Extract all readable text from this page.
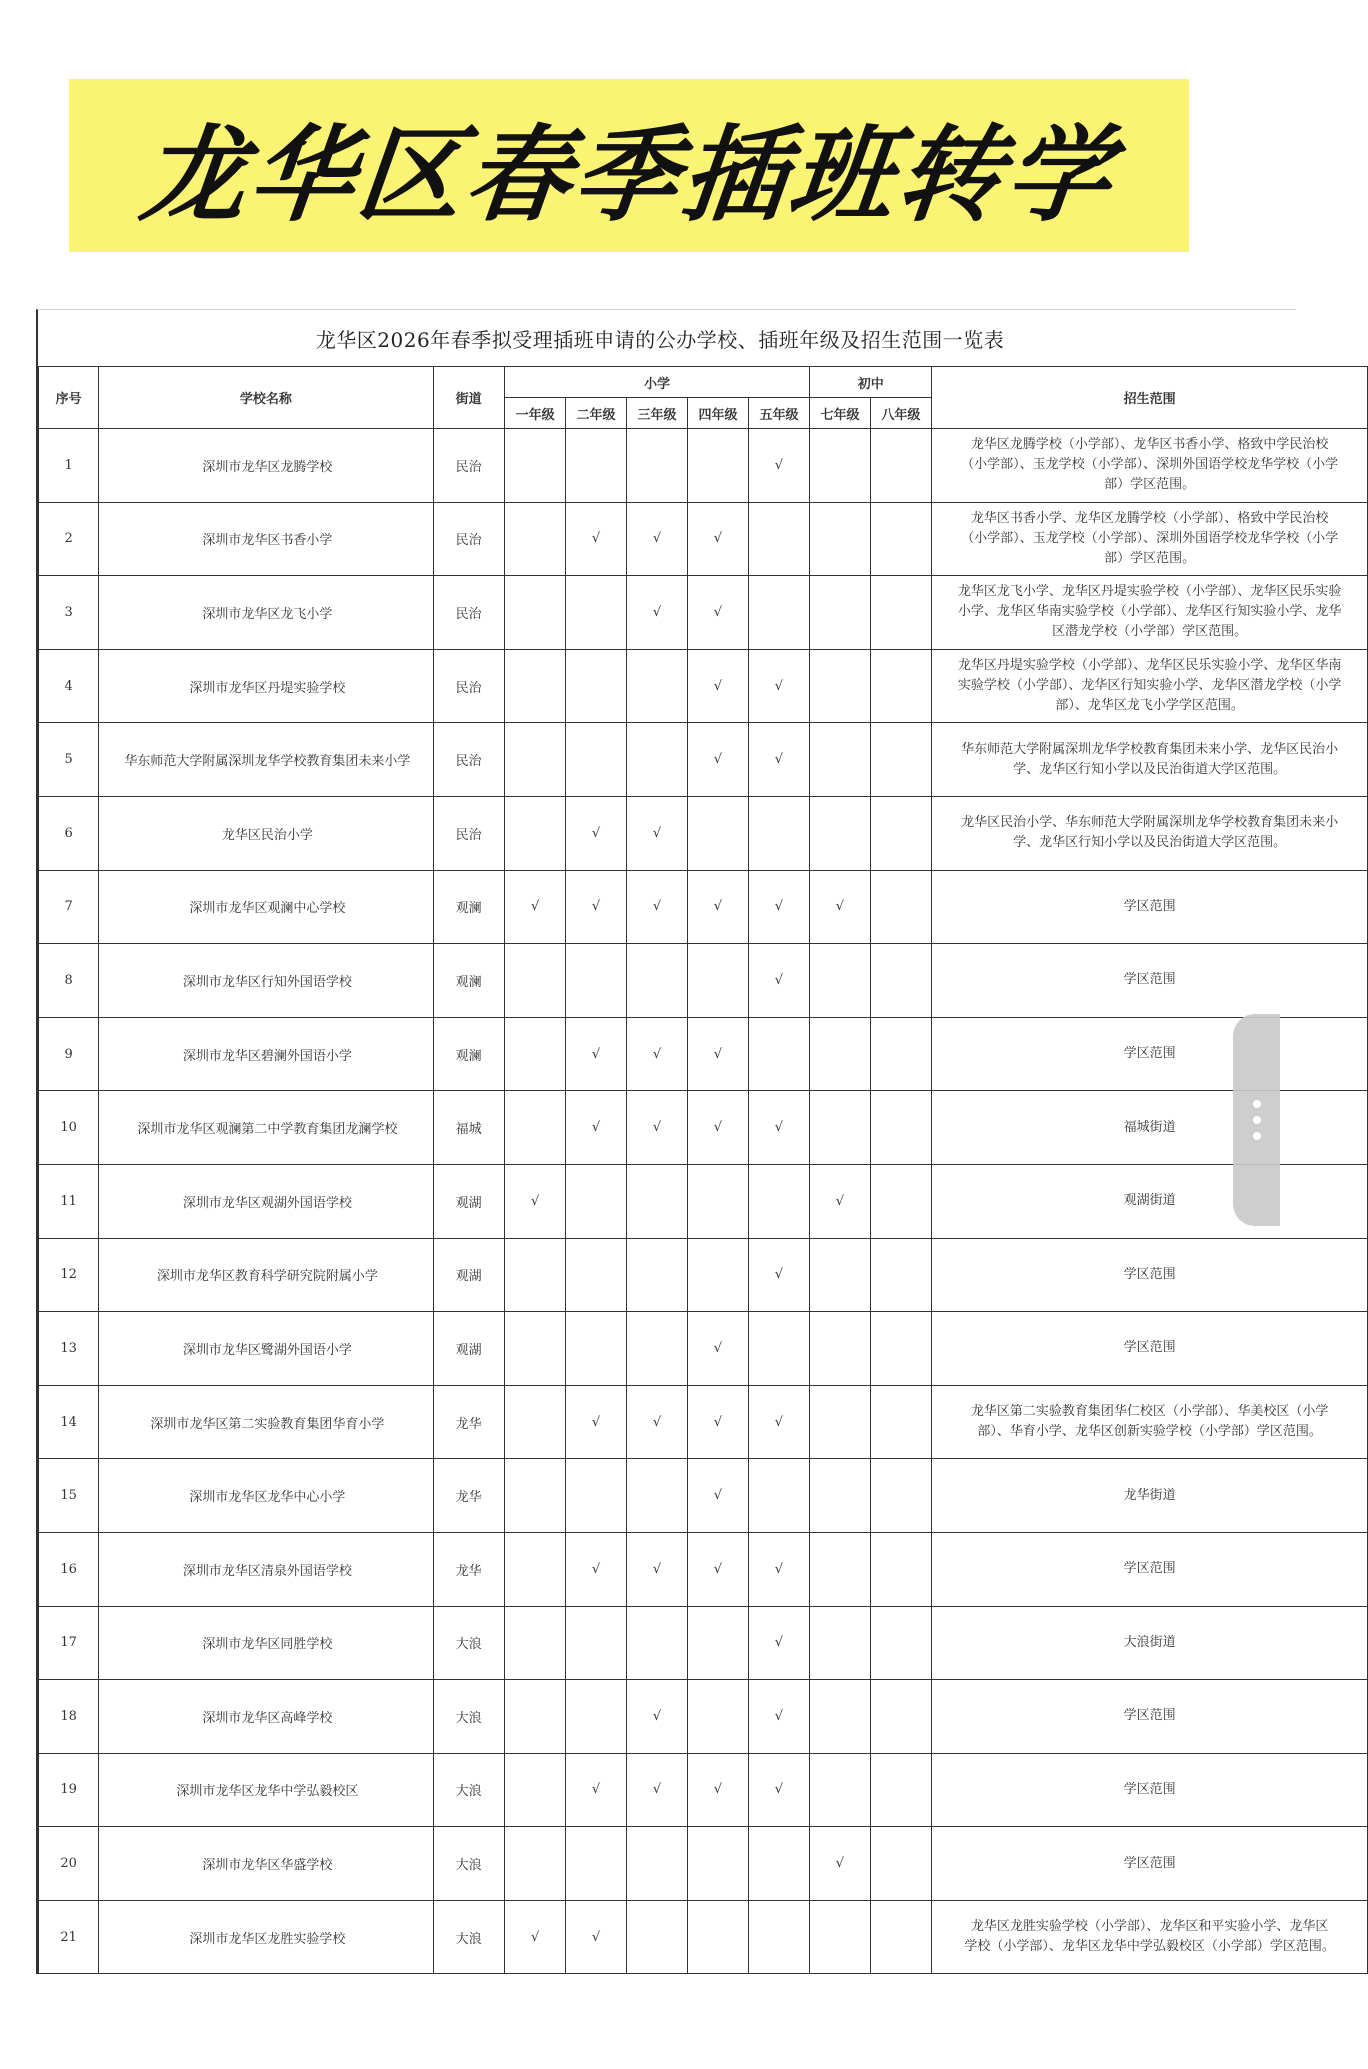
龙华区春季插班转学
龙华区2026年春季拟受理插班申请的公办学校、插班年级及招生范围一览表
序号	学校名称	街道	小学					初中		招生范围
			一年级	二年级	三年级	四年级	五年级	七年级	八年级	
1	深圳市龙华区龙腾学校	民治					√			龙华区龙腾学校（小学部）、龙华区书香小学、格致中学民治校
（小学部）、玉龙学校（小学部）、深圳外国语学校龙华学校（小学
部）学区范围。
2	深圳市龙华区书香小学	民治		√	√	√				龙华区书香小学、龙华区龙腾学校（小学部）、格致中学民治校
（小学部）、玉龙学校（小学部）、深圳外国语学校龙华学校（小学
部）学区范围。
3	深圳市龙华区龙飞小学	民治			√	√				龙华区龙飞小学、龙华区丹堤实验学校（小学部）、龙华区民乐实验
小学、龙华区华南实验学校（小学部）、龙华区行知实验小学、龙华
区潜龙学校（小学部）学区范围。
4	深圳市龙华区丹堤实验学校	民治				√	√			龙华区丹堤实验学校（小学部）、龙华区民乐实验小学、龙华区华南
实验学校（小学部）、龙华区行知实验小学、龙华区潜龙学校（小学
部）、龙华区龙飞小学学区范围。
5	华东师范大学附属深圳龙华学校教育集团未来小学	民治				√	√			华东师范大学附属深圳龙华学校教育集团未来小学、龙华区民治小
学、龙华区行知小学以及民治街道大学区范围。
6	龙华区民治小学	民治		√	√					龙华区民治小学、华东师范大学附属深圳龙华学校教育集团未来小
学、龙华区行知小学以及民治街道大学区范围。
7	深圳市龙华区观澜中心学校	观澜	√	√	√	√	√	√		学区范围
8	深圳市龙华区行知外国语学校	观澜					√			学区范围
9	深圳市龙华区碧澜外国语小学	观澜		√	√	√				学区范围
10	深圳市龙华区观澜第二中学教育集团龙澜学校	福城		√	√	√	√			福城街道
11	深圳市龙华区观湖外国语学校	观湖	√					√		观湖街道
12	深圳市龙华区教育科学研究院附属小学	观湖					√			学区范围
13	深圳市龙华区鹭湖外国语小学	观湖				√				学区范围
14	深圳市龙华区第二实验教育集团华育小学	龙华		√	√	√	√			龙华区第二实验教育集团华仁校区（小学部）、华美校区（小学
部）、华育小学、龙华区创新实验学校（小学部）学区范围。
15	深圳市龙华区龙华中心小学	龙华				√				龙华街道
16	深圳市龙华区清泉外国语学校	龙华		√	√	√	√			学区范围
17	深圳市龙华区同胜学校	大浪					√			大浪街道
18	深圳市龙华区高峰学校	大浪			√		√			学区范围
19	深圳市龙华区龙华中学弘毅校区	大浪		√	√	√	√			学区范围
20	深圳市龙华区华盛学校	大浪						√		学区范围
21	深圳市龙华区龙胜实验学校	大浪	√	√						龙华区龙胜实验学校（小学部）、龙华区和平实验小学、龙华区
学校（小学部）、龙华区龙华中学弘毅校区（小学部）学区范围。
